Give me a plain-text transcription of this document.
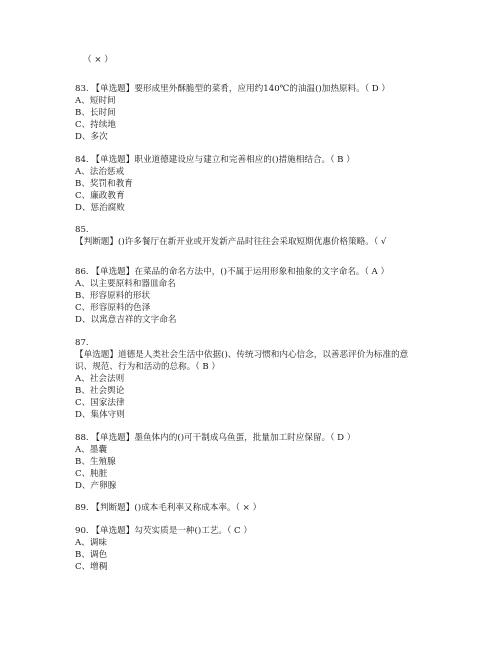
（ × ）
83. 【单选题】要形成里外酥脆型的菜肴，应用约140℃的油温()加热原料。（ D ）
A、短时间
B、长时间
C、持续地
D、多次
84. 【单选题】职业道德建设应与建立和完善相应的()措施相结合。（ B ）
A、法治惩戒
B、奖罚和教育
C、廉政教育
D、惩治腐败
85.
【判断题】()许多餐厅在新开业或开发新产品时往往会采取短期优惠价格策略。（ √
86. 【单选题】在菜品的命名方法中，()不属于运用形象和抽象的文字命名。（ A ）
A、以主要原料和器皿命名
B、形容原料的形状
C、形容原料的色泽
D、以寓意吉祥的文字命名
87.
【单选题】道德是人类社会生活中依据()、传统习惯和内心信念，以善恶评价为标准的意
识、规范、行为和活动的总称。（ B ）
A、社会法则
B、社会舆论
C、国家法律
D、集体守则
88. 【单选题】墨鱼体内的()可干制成乌鱼蛋，批量加工时应保留。（ D ）
A、墨囊
B、生殖腺
C、肫脏
D、产卵腺
89. 【判断题】()成本毛利率又称成本率。（ × ）
90. 【单选题】勾芡实质是一种()工艺。（ C ）
A、调味
B、调色
C、增稠
